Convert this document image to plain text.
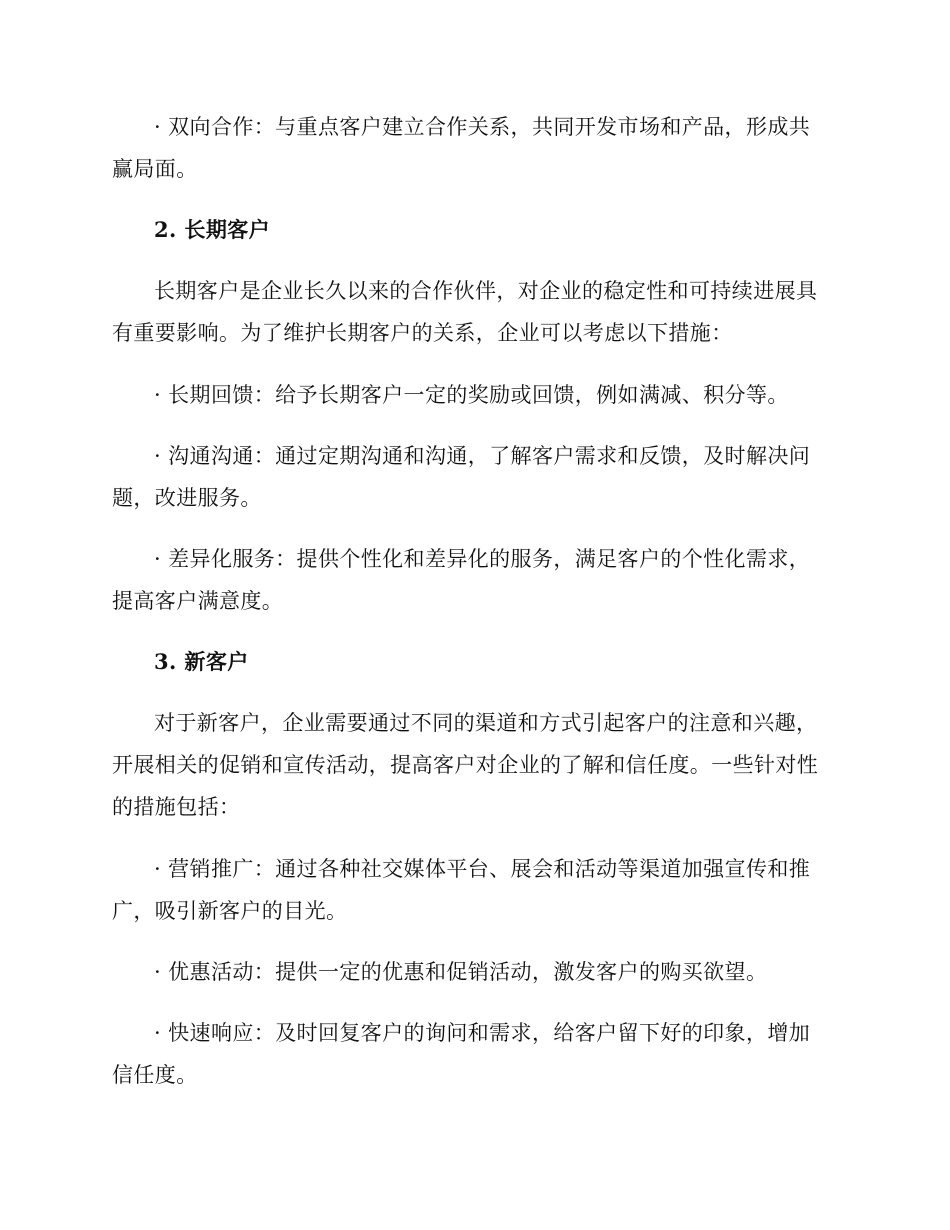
· 双向合作：与重点客户建立合作关系，共同开发市场和产品，形成共赢局面。

2. 长期客户

长期客户是企业长久以来的合作伙伴，对企业的稳定性和可持续进展具有重要影响。为了维护长期客户的关系，企业可以考虑以下措施：

· 长期回馈：给予长期客户一定的奖励或回馈，例如满减、积分等。

· 沟通沟通：通过定期沟通和沟通，了解客户需求和反馈，及时解决问题，改进服务。

· 差异化服务：提供个性化和差异化的服务，满足客户的个性化需求，提高客户满意度。

3. 新客户

对于新客户，企业需要通过不同的渠道和方式引起客户的注意和兴趣，开展相关的促销和宣传活动，提高客户对企业的了解和信任度。一些针对性的措施包括：

· 营销推广：通过各种社交媒体平台、展会和活动等渠道加强宣传和推广，吸引新客户的目光。

· 优惠活动：提供一定的优惠和促销活动，激发客户的购买欲望。

· 快速响应：及时回复客户的询问和需求，给客户留下好的印象，增加信任度。
